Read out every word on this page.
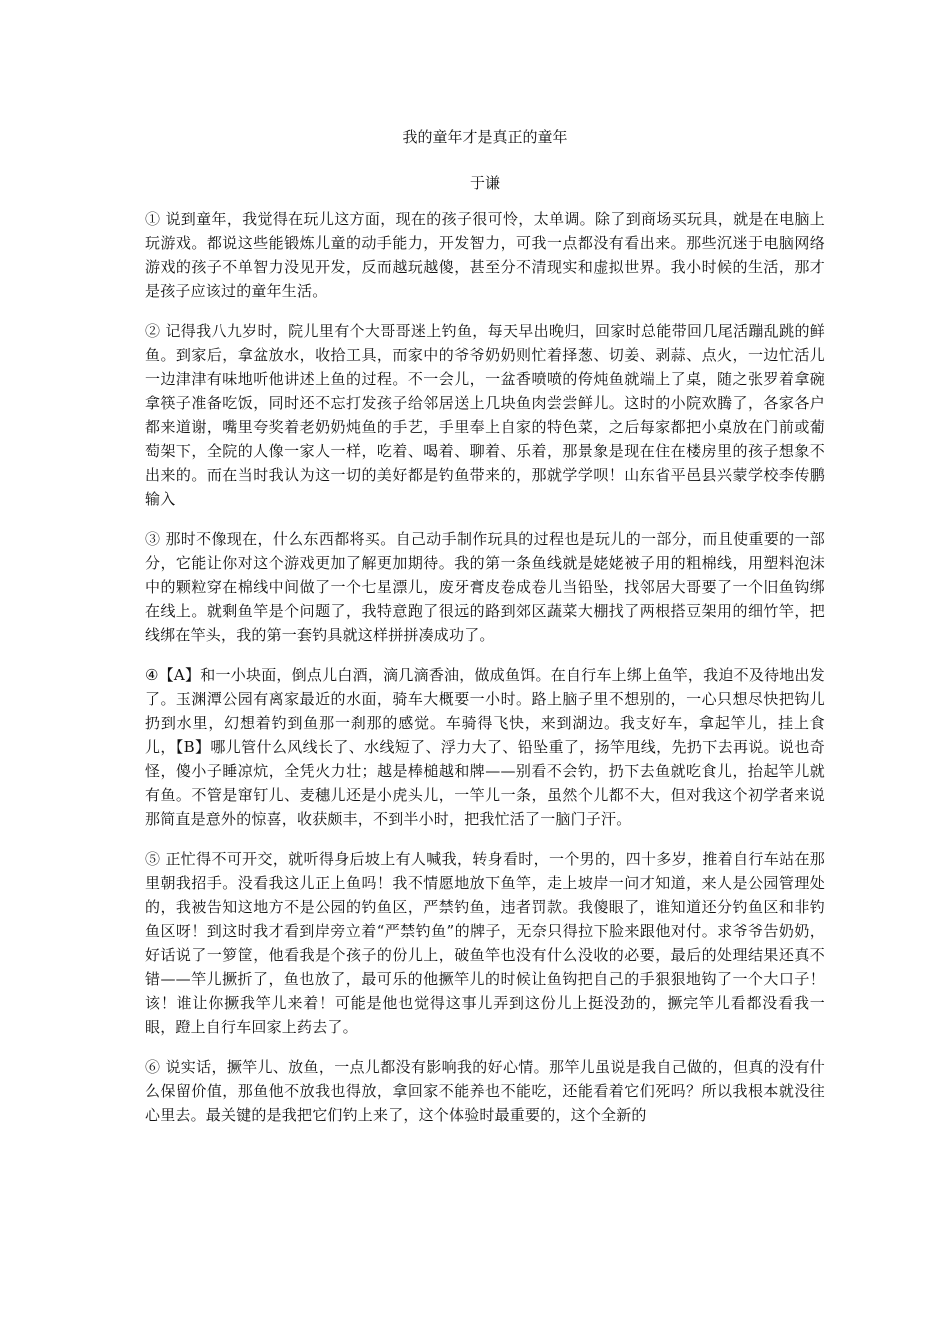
我的童年才是真正的童年
于谦

① 说到童年，我觉得在玩儿这方面，现在的孩子很可怜，太单调。除了到商场买玩具，就是在电脑上玩游戏。都说这些能锻炼儿童的动手能力，开发智力，可我一点都没有看出来。那些沉迷于电脑网络游戏的孩子不单智力没见开发，反而越玩越傻，甚至分不清现实和虚拟世界。我小时候的生活，那才是孩子应该过的童年生活。

② 记得我八九岁时，院儿里有个大哥哥迷上钓鱼，每天早出晚归，回家时总能带回几尾活蹦乱跳的鲜鱼。到家后，拿盆放水，收拾工具，而家中的爷爷奶奶则忙着择葱、切姜、剥蒜、点火，一边忙活儿一边津津有味地听他讲述上鱼的过程。不一会儿，一盆香喷喷的侉炖鱼就端上了桌，随之张罗着拿碗拿筷子准备吃饭，同时还不忘打发孩子给邻居送上几块鱼肉尝尝鲜儿。这时的小院欢腾了，各家各户都来道谢，嘴里夸奖着老奶奶炖鱼的手艺，手里奉上自家的特色菜，之后每家都把小桌放在门前或葡萄架下，全院的人像一家人一样，吃着、喝着、聊着、乐着，那景象是现在住在楼房里的孩子想象不出来的。而在当时我认为这一切的美好都是钓鱼带来的，那就学学呗！山东省平邑县兴蒙学校李传鹏输入

③ 那时不像现在，什么东西都将买。自己动手制作玩具的过程也是玩儿的一部分，而且使重要的一部分，它能让你对这个游戏更加了解更加期待。我的第一条鱼线就是姥姥被子用的粗棉线，用塑料泡沫中的颗粒穿在棉线中间做了一个七星漂儿，废牙膏皮卷成卷儿当铅坠，找邻居大哥要了一个旧鱼钩绑在线上。就剩鱼竿是个问题了，我特意跑了很远的路到郊区蔬菜大棚找了两根搭豆架用的细竹竿，把线绑在竿头，我的第一套钓具就这样拼拼凑成功了。

④【A】和一小块面，倒点儿白酒，滴几滴香油，做成鱼饵。在自行车上绑上鱼竿，我迫不及待地出发了。玉渊潭公园有离家最近的水面，骑车大概要一小时。路上脑子里不想别的，一心只想尽快把钩儿扔到水里，幻想着钓到鱼那一刹那的感觉。车骑得飞快，来到湖边。我支好车，拿起竿儿，挂上食儿，【B】哪儿管什么风线长了、水线短了、浮力大了、铅坠重了，扬竿甩线，先扔下去再说。说也奇怪，傻小子睡凉炕，全凭火力壮；越是棒槌越和牌——别看不会钓，扔下去鱼就吃食儿，抬起竿儿就有鱼。不管是窜钉儿、麦穗儿还是小虎头儿，一竿儿一条，虽然个儿都不大，但对我这个初学者来说那简直是意外的惊喜，收获颇丰，不到半小时，把我忙活了一脑门子汗。

⑤ 正忙得不可开交，就听得身后坡上有人喊我，转身看时，一个男的，四十多岁，推着自行车站在那里朝我招手。没看我这儿正上鱼吗！我不情愿地放下鱼竿，走上坡岸一问才知道，来人是公园管理处的，我被告知这地方不是公园的钓鱼区，严禁钓鱼，违者罚款。我傻眼了，谁知道还分钓鱼区和非钓鱼区呀！到这时我才看到岸旁立着“严禁钓鱼”的牌子，无奈只得拉下脸来跟他对付。求爷爷告奶奶，好话说了一箩筐，他看我是个孩子的份儿上，破鱼竿也没有什么没收的必要，最后的处理结果还真不错——竿儿撅折了，鱼也放了，最可乐的他撅竿儿的时候让鱼钩把自己的手狠狠地钩了一个大口子！该！谁让你撅我竿儿来着！可能是他也觉得这事儿弄到这份儿上挺没劲的，撅完竿儿看都没看我一眼，蹬上自行车回家上药去了。

⑥ 说实话，撅竿儿、放鱼，一点儿都没有影响我的好心情。那竿儿虽说是我自己做的，但真的没有什么保留价值，那鱼他不放我也得放，拿回家不能养也不能吃，还能看着它们死吗？所以我根本就没往心里去。最关键的是我把它们钓上来了，这个体验时最重要的，这个全新的
